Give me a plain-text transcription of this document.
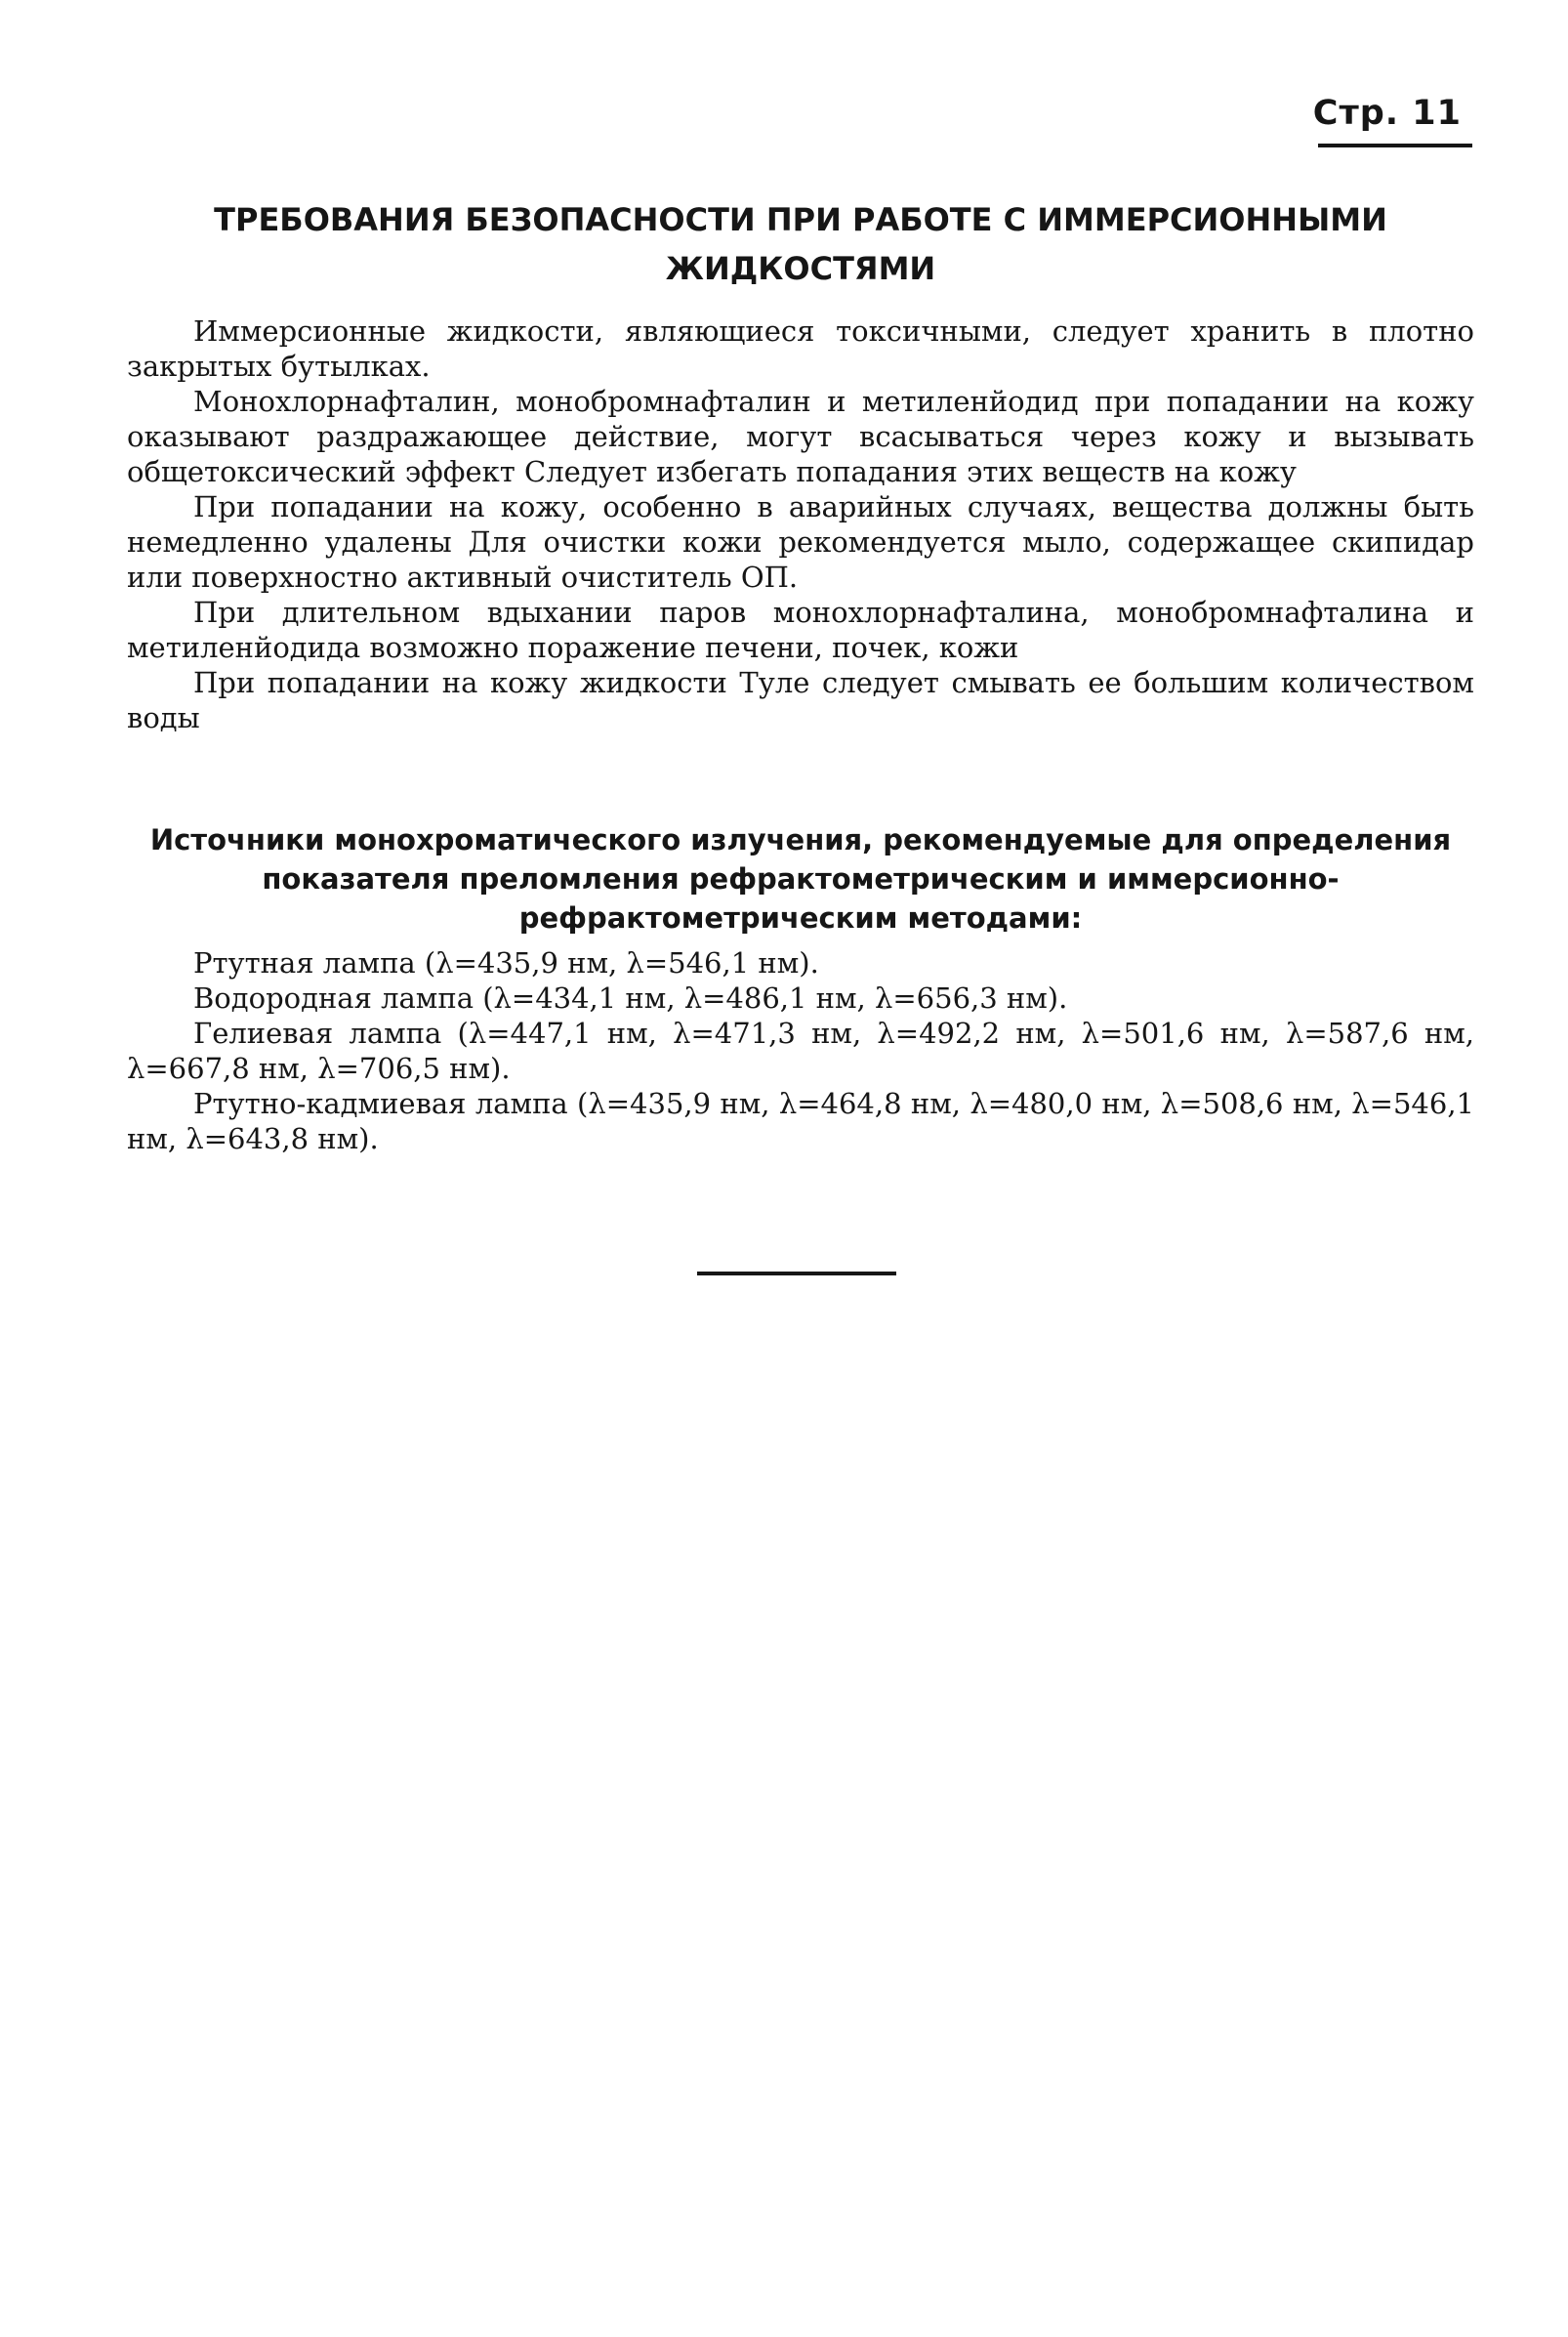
Стр. 11
ТРЕБОВАНИЯ БЕЗОПАСНОСТИ ПРИ РАБОТЕ С ИММЕРСИОННЫМИ
ЖИДКОСТЯМИ

Иммерсионные жидкости, являющиеся токсичными, следует хранить в плотно закрытых бутылках.

Монохлорнафталин, монобромнафталин и метиленйодид при попадании на кожу оказывают раздражающее действие, могут всасываться через кожу и вызывать общетоксический эффект Следует избегать попадания этих веществ на кожу

При попадании на кожу, особенно в аварийных случаях, вещества должны быть немедленно удалены Для очистки кожи рекомендуется мыло, содержащее скипидар или поверхностно активный очиститель ОП.

При длительном вдыхании паров монохлорнафталина, монобромнафталина и метиленйодида возможно поражение печени, почек, кожи

При попадании на кожу жидкости Туле следует смывать ее большим количеством воды

Источники монохроматического излучения, рекомендуемые для определения
показателя преломления рефрактометрическим и иммерсионно-
рефрактометрическим методами:

Ртутная лампа (λ=435,9 нм, λ=546,1 нм).

Водородная лампа (λ=434,1 нм, λ=486,1 нм, λ=656,3 нм).

Гелиевая лампа (λ=447,1 нм, λ=471,3 нм, λ=492,2 нм, λ=501,6 нм, λ=587,6 нм, λ=667,8 нм, λ=706,5 нм).

Ртутно-кадмиевая лампа (λ=435,9 нм, λ=464,8 нм, λ=480,0 нм, λ=508,6 нм, λ=546,1 нм, λ=643,8 нм).
